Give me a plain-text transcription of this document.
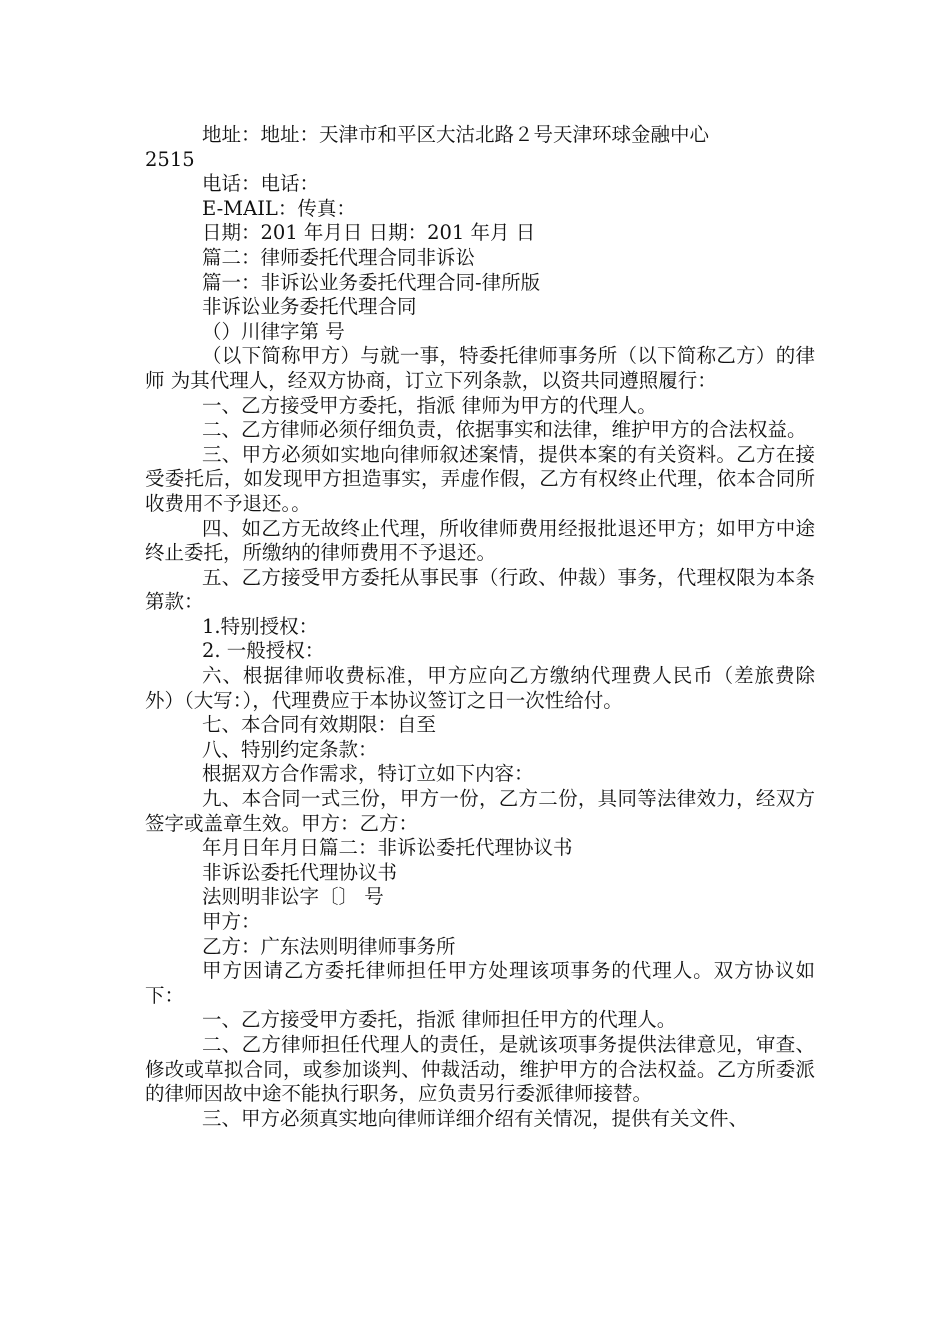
地址：地址：天津市和平区大沽北路２号天津环球金融中心
2515
电话：电话：
E-MAIL：传真：
日期：201 年月日 日期：201 年月 日
篇二：律师委托代理合同非诉讼
篇一：非诉讼业务委托代理合同-律所版
非诉讼业务委托代理合同
（）川律字第 号

（以下简称甲方）与就一事，特委托律师事务所（以下简称乙方）的律师 为其代理人，经双方协商，订立下列条款，以资共同遵照履行：

一、乙方接受甲方委托，指派 律师为甲方的代理人。

二、乙方律师必须仔细负责，依据事实和法律，维护甲方的合法权益。

三、甲方必须如实地向律师叙述案情，提供本案的有关资料。乙方在接受委托后，如发现甲方担造事实，弄虚作假，乙方有权终止代理，依本合同所收费用不予退还。。

四、如乙方无故终止代理，所收律师费用经报批退还甲方；如甲方中途终止委托，所缴纳的律师费用不予退还。

五、乙方接受甲方委托从事民事（行政、仲裁）事务，代理权限为本条第款：

1.特别授权：

2. 一般授权：

六、根据律师收费标准，甲方应向乙方缴纳代理费人民币（差旅费除外）（大写：），代理费应于本协议签订之日一次性给付。

七、本合同有效期限：自至

八、特别约定条款：

根据双方合作需求，特订立如下内容：

九、本合同一式三份，甲方一份，乙方二份，具同等法律效力，经双方签字或盖章生效。甲方：乙方：

年月日年月日篇二：非诉讼委托代理协议书

非诉讼委托代理协议书

法则明非讼字〔〕 号

甲方：

乙方：广东法则明律师事务所

甲方因请乙方委托律师担任甲方处理该项事务的代理人。双方协议如下：

一、乙方接受甲方委托，指派 律师担任甲方的代理人。

二、乙方律师担任代理人的责任，是就该项事务提供法律意见，审查、修改或草拟合同，或参加谈判、仲裁活动，维护甲方的合法权益。乙方所委派的律师因故中途不能执行职务，应负责另行委派律师接替。

三、甲方必须真实地向律师详细介绍有关情况，提供有关文件、
